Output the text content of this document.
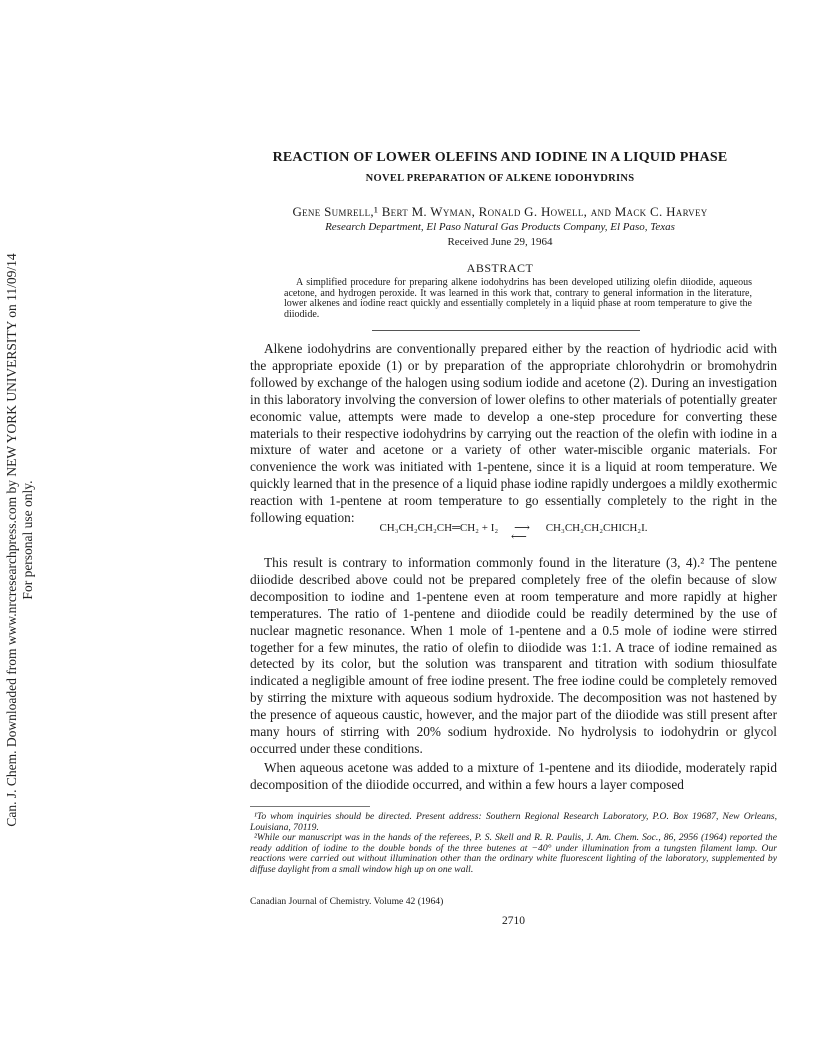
Can. J. Chem. Downloaded from www.nrcresearchpress.com by NEW YORK UNIVERSITY on 11/09/14 For personal use only.
REACTION OF LOWER OLEFINS AND IODINE IN A LIQUID PHASE
NOVEL PREPARATION OF ALKENE IODOHYDRINS
Gene Sumrell,¹ Bert M. Wyman, Ronald G. Howell, and Mack C. Harvey
Research Department, El Paso Natural Gas Products Company, El Paso, Texas
Received June 29, 1964
ABSTRACT
A simplified procedure for preparing alkene iodohydrins has been developed utilizing olefin diiodide, aqueous acetone, and hydrogen peroxide. It was learned in this work that, contrary to general information in the literature, lower alkenes and iodine react quickly and essentially completely in a liquid phase at room temperature to give the diiodide.

Alkene iodohydrins are conventionally prepared either by the reaction of hydriodic acid with the appropriate epoxide (1) or by preparation of the appropriate chlorohydrin or bromohydrin followed by exchange of the halogen using sodium iodide and acetone (2). During an investigation in this laboratory involving the conversion of lower olefins to other materials of potentially greater economic value, attempts were made to develop a one-step procedure for converting these materials to their respective iodohydrins by carrying out the reaction of the olefin with iodine in a mixture of water and acetone or a variety of other water-miscible organic materials. For convenience the work was initiated with 1-pentene, since it is a liquid at room temperature. We quickly learned that in the presence of a liquid phase iodine rapidly undergoes a mildly exothermic reaction with 1-pentene at room temperature to go essentially completely to the right in the following equation:

CH₃CH₂CH₂CH═CH₂ + I₂	⟶
⟵
CH₃CH₂CH₂CHICH₂I.

This result is contrary to information commonly found in the literature (3, 4).² The pentene diiodide described above could not be prepared completely free of the olefin because of slow decomposition to iodine and 1-pentene even at room temperature and more rapidly at higher temperatures. The ratio of 1-pentene and diiodide could be readily determined by the use of nuclear magnetic resonance. When 1 mole of 1-pentene and a 0.5 mole of iodine were stirred together for a few minutes, the ratio of olefin to diiodide was 1:1. A trace of iodine remained as detected by its color, but the solution was transparent and titration with sodium thiosulfate indicated a negligible amount of free iodine present. The free iodine could be completely removed by stirring the mixture with aqueous sodium hydroxide. The decomposition was not hastened by the presence of aqueous caustic, however, and the major part of the diiodide was still present after many hours of stirring with 20% sodium hydroxide. No hydrolysis to iodohydrin or glycol occurred under these conditions.

When aqueous acetone was added to a mixture of 1-pentene and its diiodide, moderately rapid decomposition of the diiodide occurred, and within a few hours a layer composed

¹To whom inquiries should be directed. Present address: Southern Regional Research Laboratory, P.O. Box 19687, New Orleans, Louisiana, 70119.

²While our manuscript was in the hands of the referees, P. S. Skell and R. R. Paulis, J. Am. Chem. Soc., 86, 2956 (1964) reported the ready addition of iodine to the double bonds of the three butenes at −40° under illumination from a tungsten filament lamp. Our reactions were carried out without illumination other than the ordinary white fluorescent lighting of the laboratory, supplemented by diffuse daylight from a small window high up on one wall.

Canadian Journal of Chemistry. Volume 42 (1964)
2710
